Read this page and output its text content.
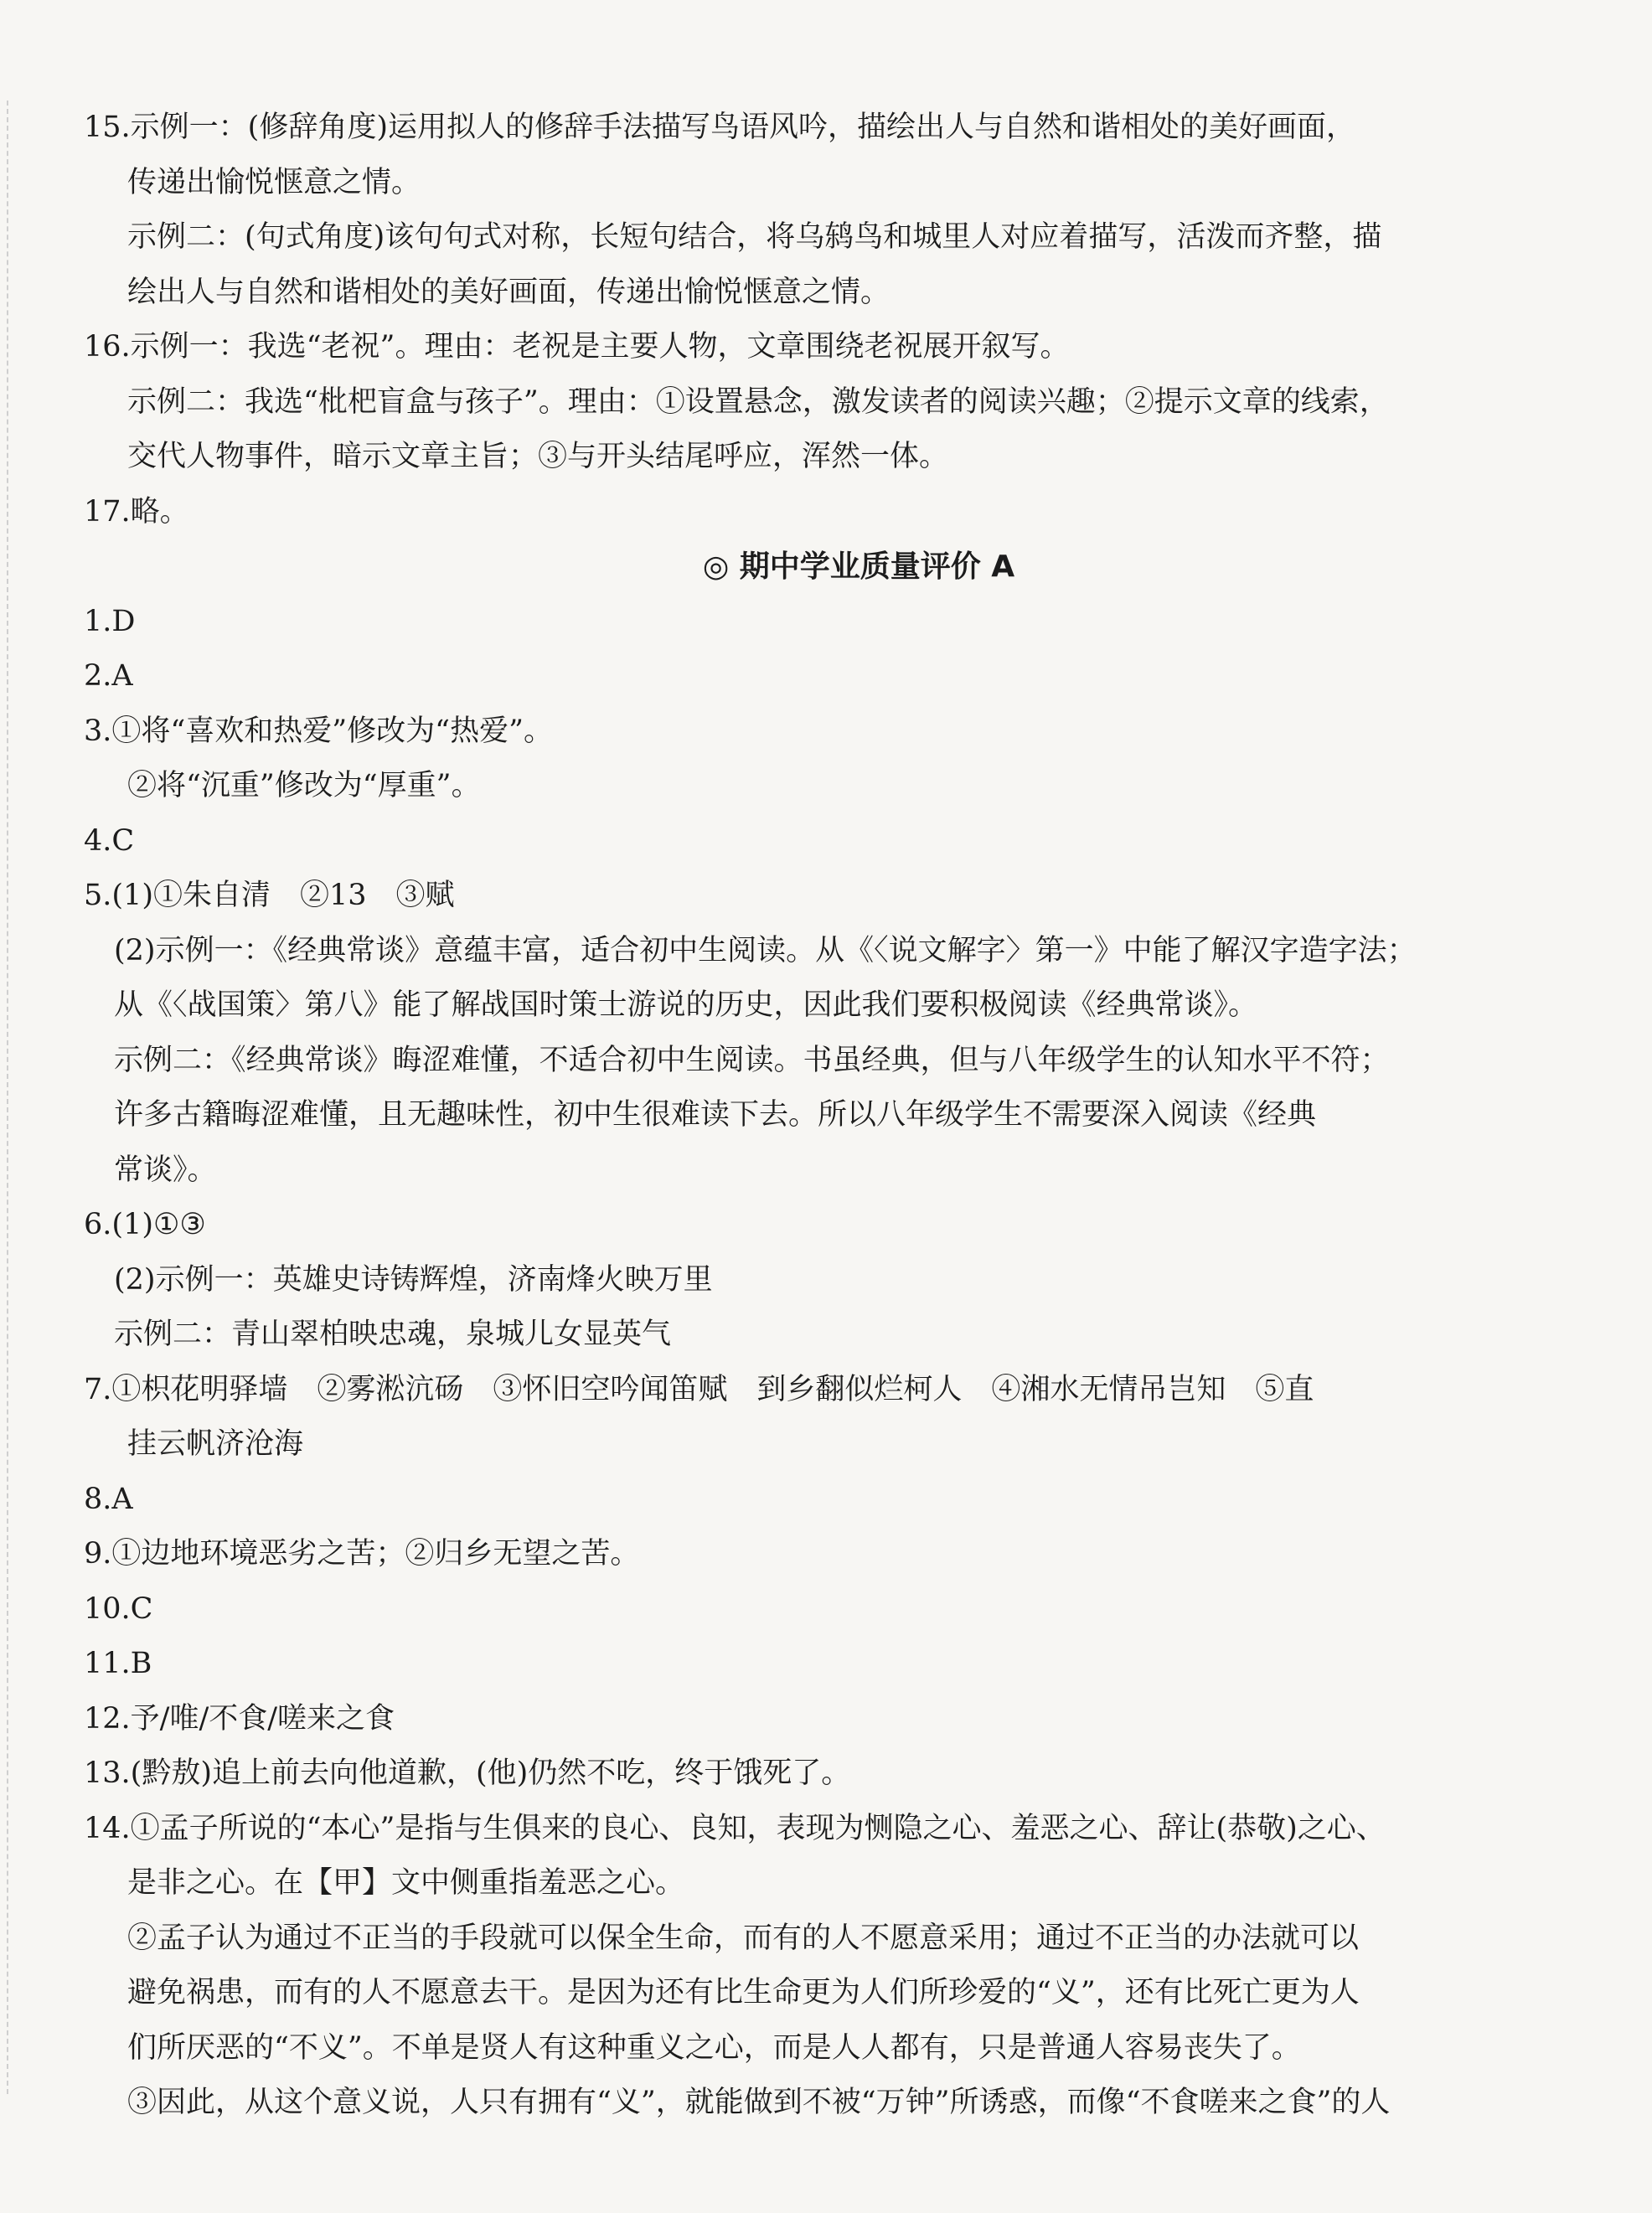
15.示例一：(修辞角度)运用拟人的修辞手法描写鸟语风吟，描绘出人与自然和谐相处的美好画面，
传递出愉悦惬意之情。
示例二：(句式角度)该句句式对称，长短句结合，将乌鸫鸟和城里人对应着描写，活泼而齐整，描
绘出人与自然和谐相处的美好画面，传递出愉悦惬意之情。
16.示例一：我选“老祝”。理由：老祝是主要人物，文章围绕老祝展开叙写。
示例二：我选“枇杷盲盒与孩子”。理由：①设置悬念，激发读者的阅读兴趣；②提示文章的线索，
交代人物事件，暗示文章主旨；③与开头结尾呼应，浑然一体。
17.略。
◎ 期中学业质量评价 A
1.D
2.A
3.①将“喜欢和热爱”修改为“热爱”。
②将“沉重”修改为“厚重”。
4.C
5.(1)①朱自清　②13　③赋
(2)示例一：《经典常谈》意蕴丰富，适合初中生阅读。从《〈说文解字〉第一》中能了解汉字造字法；
从《〈战国策〉第八》能了解战国时策士游说的历史，因此我们要积极阅读《经典常谈》。
示例二：《经典常谈》晦涩难懂，不适合初中生阅读。书虽经典，但与八年级学生的认知水平不符；
许多古籍晦涩难懂，且无趣味性，初中生很难读下去。所以八年级学生不需要深入阅读《经典
常谈》。
6.(1)①③
(2)示例一：英雄史诗铸辉煌，济南烽火映万里
示例二：青山翠柏映忠魂，泉城儿女显英气
7.①枳花明驿墙　②雾淞沆砀　③怀旧空吟闻笛赋　到乡翻似烂柯人　④湘水无情吊岂知　⑤直
挂云帆济沧海
8.A
9.①边地环境恶劣之苦；②归乡无望之苦。
10.C
11.B
12.予/唯/不食/嗟来之食
13.(黔敖)追上前去向他道歉，(他)仍然不吃，终于饿死了。
14.①孟子所说的“本心”是指与生俱来的良心、良知，表现为恻隐之心、羞恶之心、辞让(恭敬)之心、
是非之心。在【甲】文中侧重指羞恶之心。
②孟子认为通过不正当的手段就可以保全生命，而有的人不愿意采用；通过不正当的办法就可以
避免祸患，而有的人不愿意去干。是因为还有比生命更为人们所珍爱的“义”，还有比死亡更为人
们所厌恶的“不义”。不单是贤人有这种重义之心，而是人人都有，只是普通人容易丧失了。
③因此，从这个意义说，人只有拥有“义”，就能做到不被“万钟”所诱惑，而像“不食嗟来之食”的人
